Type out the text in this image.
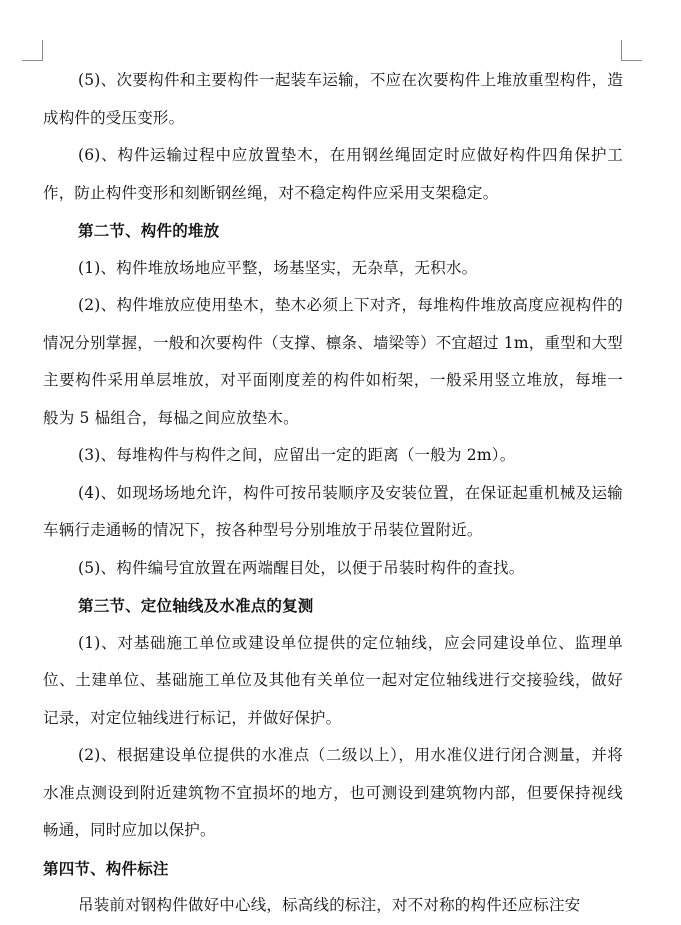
(5)、次要构件和主要构件一起装车运输，不应在次要构件上堆放重型构件，造成构件的受压变形。

(6)、构件运输过程中应放置垫木，在用钢丝绳固定时应做好构件四角保护工作，防止构件变形和刻断钢丝绳，对不稳定构件应采用支架稳定。

第二节、构件的堆放

(1)、构件堆放场地应平整，场基坚实，无杂草，无积水。

(2)、构件堆放应使用垫木，垫木必须上下对齐，每堆构件堆放高度应视构件的情况分别掌握，一般和次要构件（支撑、檩条、墙梁等）不宜超过 1m，重型和大型主要构件采用单层堆放，对平面刚度差的构件如桁架，一般采用竖立堆放，每堆一般为 5 榀组合，每榀之间应放垫木。

(3)、每堆构件与构件之间，应留出一定的距离（一般为 2m）。

(4)、如现场场地允许，构件可按吊装顺序及安装位置，在保证起重机械及运输车辆行走通畅的情况下，按各种型号分别堆放于吊装位置附近。

(5)、构件编号宜放置在两端醒目处，以便于吊装时构件的查找。

第三节、定位轴线及水准点的复测

(1)、对基础施工单位或建设单位提供的定位轴线，应会同建设单位、监理单位、土建单位、基础施工单位及其他有关单位一起对定位轴线进行交接验线，做好记录，对定位轴线进行标记，并做好保护。

(2)、根据建设单位提供的水准点（二级以上），用水准仪进行闭合测量，并将水准点测设到附近建筑物不宜损坏的地方，也可测设到建筑物内部，但要保持视线畅通，同时应加以保护。

第四节、构件标注

吊装前对钢构件做好中心线，标高线的标注，对不对称的构件还应标注安
